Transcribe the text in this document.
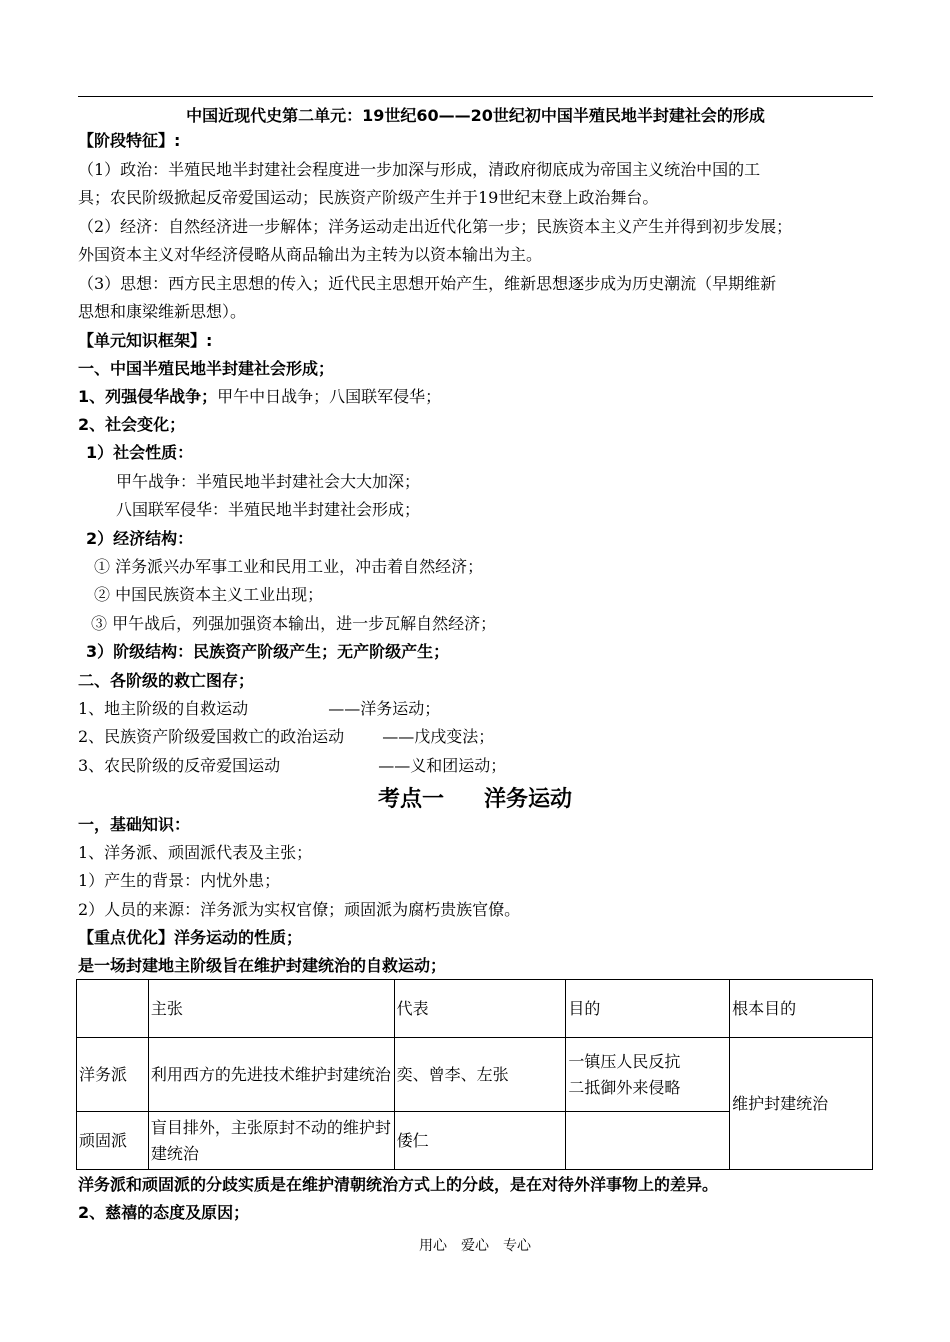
中国近现代史第二单元：19世纪60——20世纪初中国半殖民地半封建社会的形成
【阶段特征】:
（1）政治：半殖民地半封建社会程度进一步加深与形成，清政府彻底成为帝国主义统治中国的工
具；农民阶级掀起反帝爱国运动；民族资产阶级产生并于19世纪末登上政治舞台。
（2）经济：自然经济进一步解体；洋务运动走出近代化第一步；民族资本主义产生并得到初步发展；
外国资本主义对华经济侵略从商品输出为主转为以资本输出为主。
（3）思想：西方民主思想的传入；近代民主思想开始产生，维新思想逐步成为历史潮流（早期维新
思想和康梁维新思想）。
【单元知识框架】:
一、中国半殖民地半封建社会形成；
1、列强侵华战争；甲午中日战争；八国联军侵华；
2、社会变化；
1）社会性质：
甲午战争：半殖民地半封建社会大大加深；
八国联军侵华：半殖民地半封建社会形成；
2）经济结构：
① 洋务派兴办军事工业和民用工业，冲击着自然经济；
② 中国民族资本主义工业出现；
③ 甲午战后，列强加强资本输出，进一步瓦解自然经济；
3）阶级结构：民族资产阶级产生；无产阶级产生；
二、各阶级的救亡图存；
1、地主阶级的自救运动	——洋务运动；
2、民族资产阶级爱国救亡的政治运动 ——戊戌变法；
3、农民阶级的反帝爱国运动	——义和团运动；
考点一 洋务运动
一，基础知识：
1、洋务派、顽固派代表及主张；
1）产生的背景：内忧外患；
2）人员的来源：洋务派为实权官僚；顽固派为腐朽贵族官僚。
【重点优化】洋务运动的性质；
是一场封建地主阶级旨在维护封建统治的自救运动；
	主张	代表	目的	根本目的
洋务派	利用西方的先进技术维护封建统治	奕、曾李、左张	一镇压人民反抗
二抵御外来侵略	维护封建统治
顽固派	盲目排外，主张原封不动的维护封建统治	倭仁		
洋务派和顽固派的分歧实质是在维护清朝统治方式上的分歧，是在对待外洋事物上的差异。
2、慈禧的态度及原因；
用心　爱心　专心
